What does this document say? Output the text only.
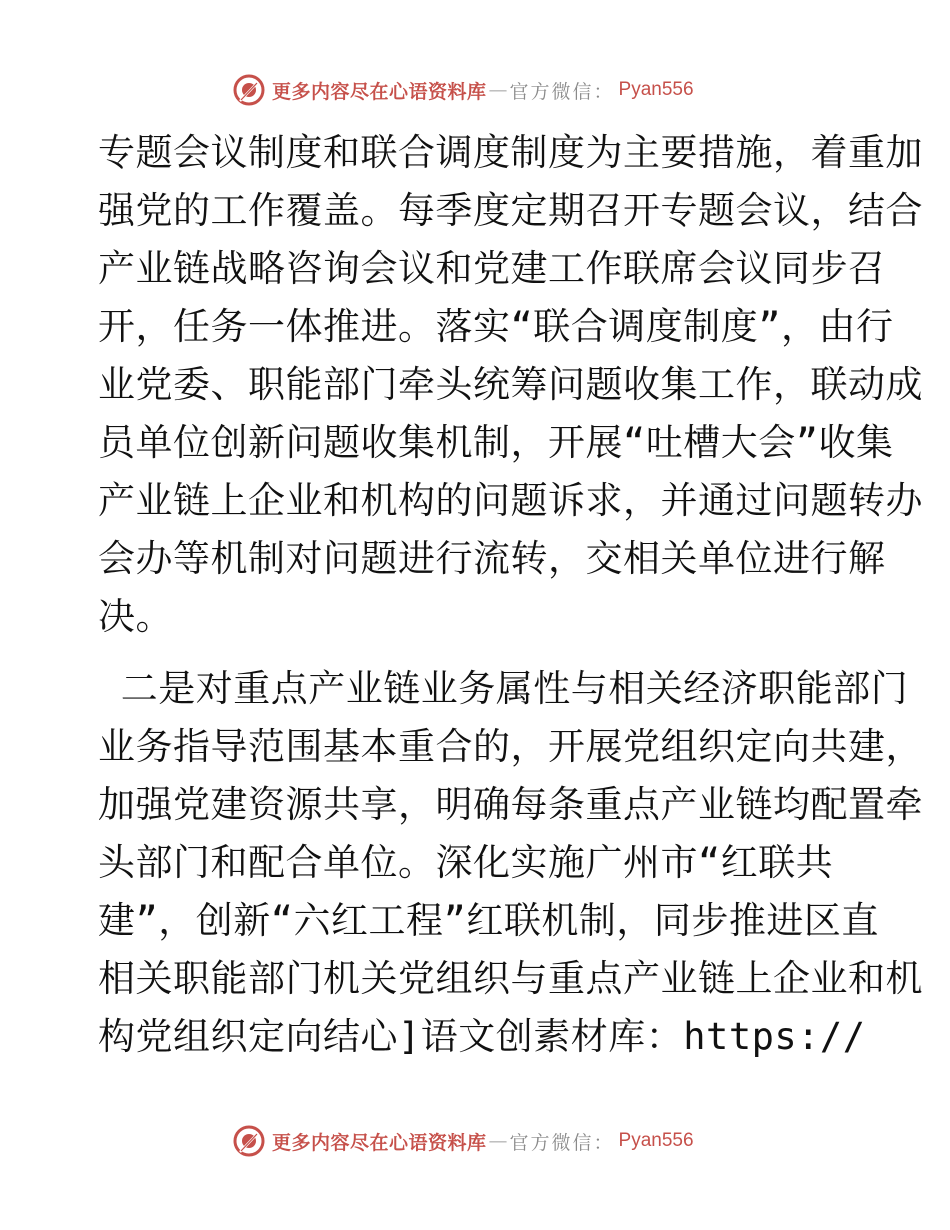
更多内容尽在心语资料库 — 官方微信： Pyan556
专题会议制度和联合调度制度为主要措施，着重加
强党的工作覆盖。每季度定期召开专题会议，结合
产业链战略咨询会议和党建工作联席会议同步召
开，任务一体推进。落实“联合调度制度”，由行
业党委、职能部门牵头统筹问题收集工作，联动成
员单位创新问题收集机制，开展“吐槽大会”收集
产业链上企业和机构的问题诉求，并通过问题转办
会办等机制对问题进行流转，交相关单位进行解
决。
二是对重点产业链业务属性与相关经济职能部门
业务指导范围基本重合的，开展党组织定向共建，
加强党建资源共享，明确每条重点产业链均配置牵
头部门和配合单位。深化实施广州市“红联共
建”，创新“六红工程”红联机制，同步推进区直
相关职能部门机关党组织与重点产业链上企业和机
构党组织定向结心]语文创素材库：https://
更多内容尽在心语资料库 — 官方微信： Pyan556
